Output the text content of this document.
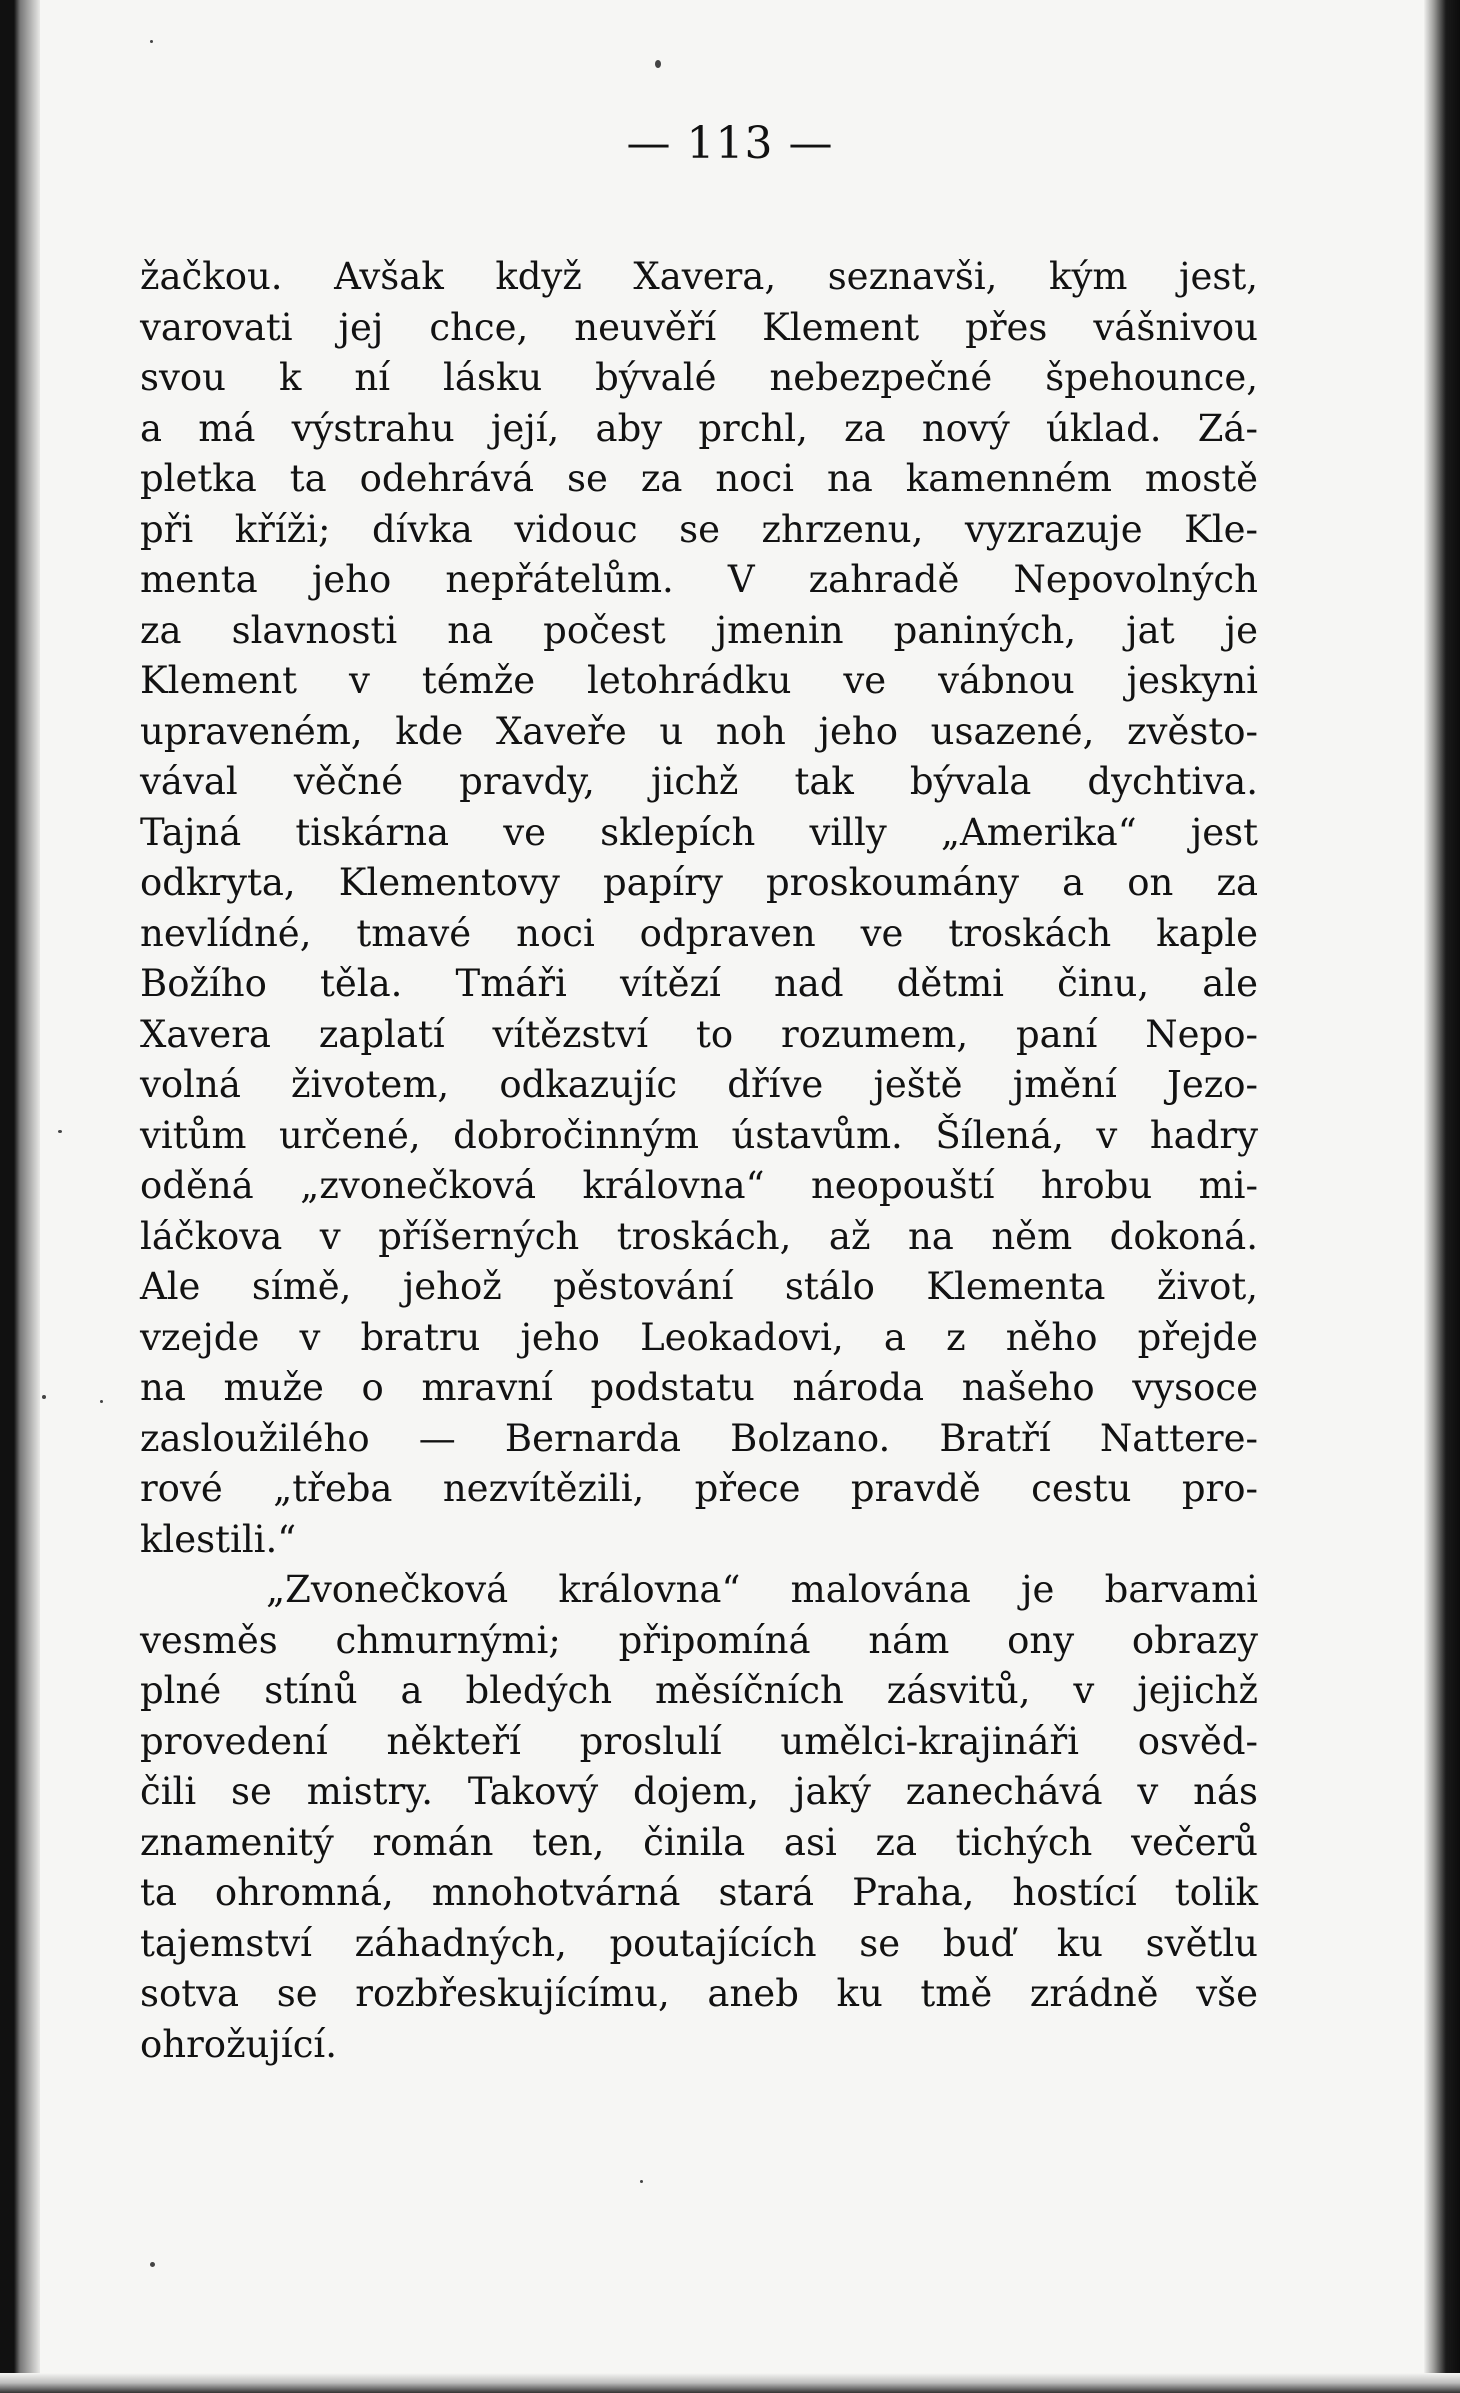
— 113 —
žačkou. Avšak když Xavera, seznavši, kým jest,
varovati jej chce, neuvěří Klement přes vášnivou
svou k ní lásku bývalé nebezpečné špehounce,
a má výstrahu její, aby prchl, za nový úklad. Zá-
pletka ta odehrává se za noci na kamenném mostě
při kříži; dívka vidouc se zhrzenu, vyzrazuje Kle-
menta jeho nepřátelům. V zahradě Nepovolných
za slavnosti na počest jmenin paniných, jat je
Klement v témže letohrádku ve vábnou jeskyni
upraveném, kde Xaveře u noh jeho usazené, zvěsto-
vával věčné pravdy, jichž tak bývala dychtiva.
Tajná tiskárna ve sklepích villy „Amerika“ jest
odkryta, Klementovy papíry proskoumány a on za
nevlídné, tmavé noci odpraven ve troskách kaple
Božího těla. Tmáři vítězí nad dětmi činu, ale
Xavera zaplatí vítězství to rozumem, paní Nepo-
volná životem, odkazujíc dříve ještě jmění Jezo-
vitům určené, dobročinným ústavům. Šílená, v hadry
oděná „zvonečková královna“ neopouští hrobu mi-
láčkova v příšerných troskách, až na něm dokoná.
Ale símě, jehož pěstování stálo Klementa život,
vzejde v bratru jeho Leokadovi, a z něho přejde
na muže o mravní podstatu národa našeho vysoce
zasloužilého — Bernarda Bolzano. Bratří Nattere-
rové „třeba nezvítězili, přece pravdě cestu pro-
klestili.“
„Zvonečková královna“ malována je barvami
vesměs chmurnými; připomíná nám ony obrazy
plné stínů a bledých měsíčních zásvitů, v jejichž
provedení někteří proslulí umělci-krajináři osvěd-
čili se mistry. Takový dojem, jaký zanechává v nás
znamenitý román ten, činila asi za tichých večerů
ta ohromná, mnohotvárná stará Praha, hostící tolik
tajemství záhadných, poutajících se buď ku světlu
sotva se rozbřeskujícímu, aneb ku tmě zrádně vše
ohrožující.
